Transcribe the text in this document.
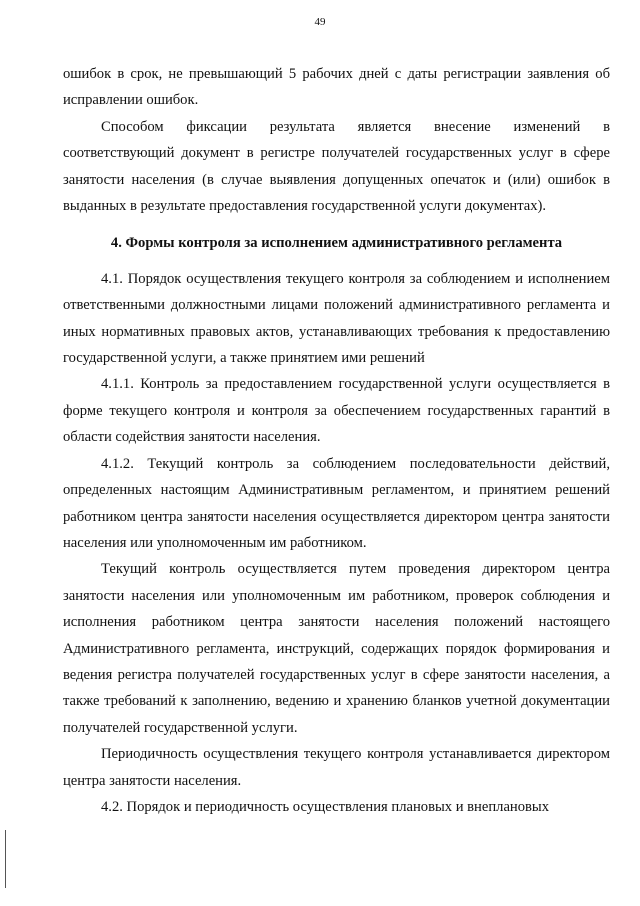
49

ошибок в срок, не превышающий 5 рабочих дней с даты регистрации заявления об исправлении ошибок.

Способом фиксации результата является внесение изменений в соответствующий документ в регистре получателей государственных услуг в сфере занятости населения (в случае выявления допущенных опечаток и (или) ошибок в выданных в результате предоставления государственной услуги документах).

4. Формы контроля за исполнением административного регламента

4.1. Порядок осуществления текущего контроля за соблюдением и исполнением ответственными должностными лицами положений административного регламента и иных нормативных правовых актов, устанавливающих требования к предоставлению государственной услуги, а также принятием ими решений

4.1.1. Контроль за предоставлением государственной услуги осуществляется в форме текущего контроля и контроля за обеспечением государственных гарантий в области содействия занятости населения.

4.1.2. Текущий контроль за соблюдением последовательности действий, определенных настоящим Административным регламентом, и принятием решений работником центра занятости населения осуществляется директором центра занятости населения или уполномоченным им работником.

Текущий контроль осуществляется путем проведения директором центра занятости населения или уполномоченным им работником, проверок соблюдения и исполнения работником центра занятости населения положений настоящего Административного регламента, инструкций, содержащих порядок формирования и ведения регистра получателей государственных услуг в сфере занятости населения, а также требований к заполнению, ведению и хранению бланков учетной документации получателей государственной услуги.

Периодичность осуществления текущего контроля устанавливается директором центра занятости населения.

4.2. Порядок и периодичность осуществления плановых и внеплановых
